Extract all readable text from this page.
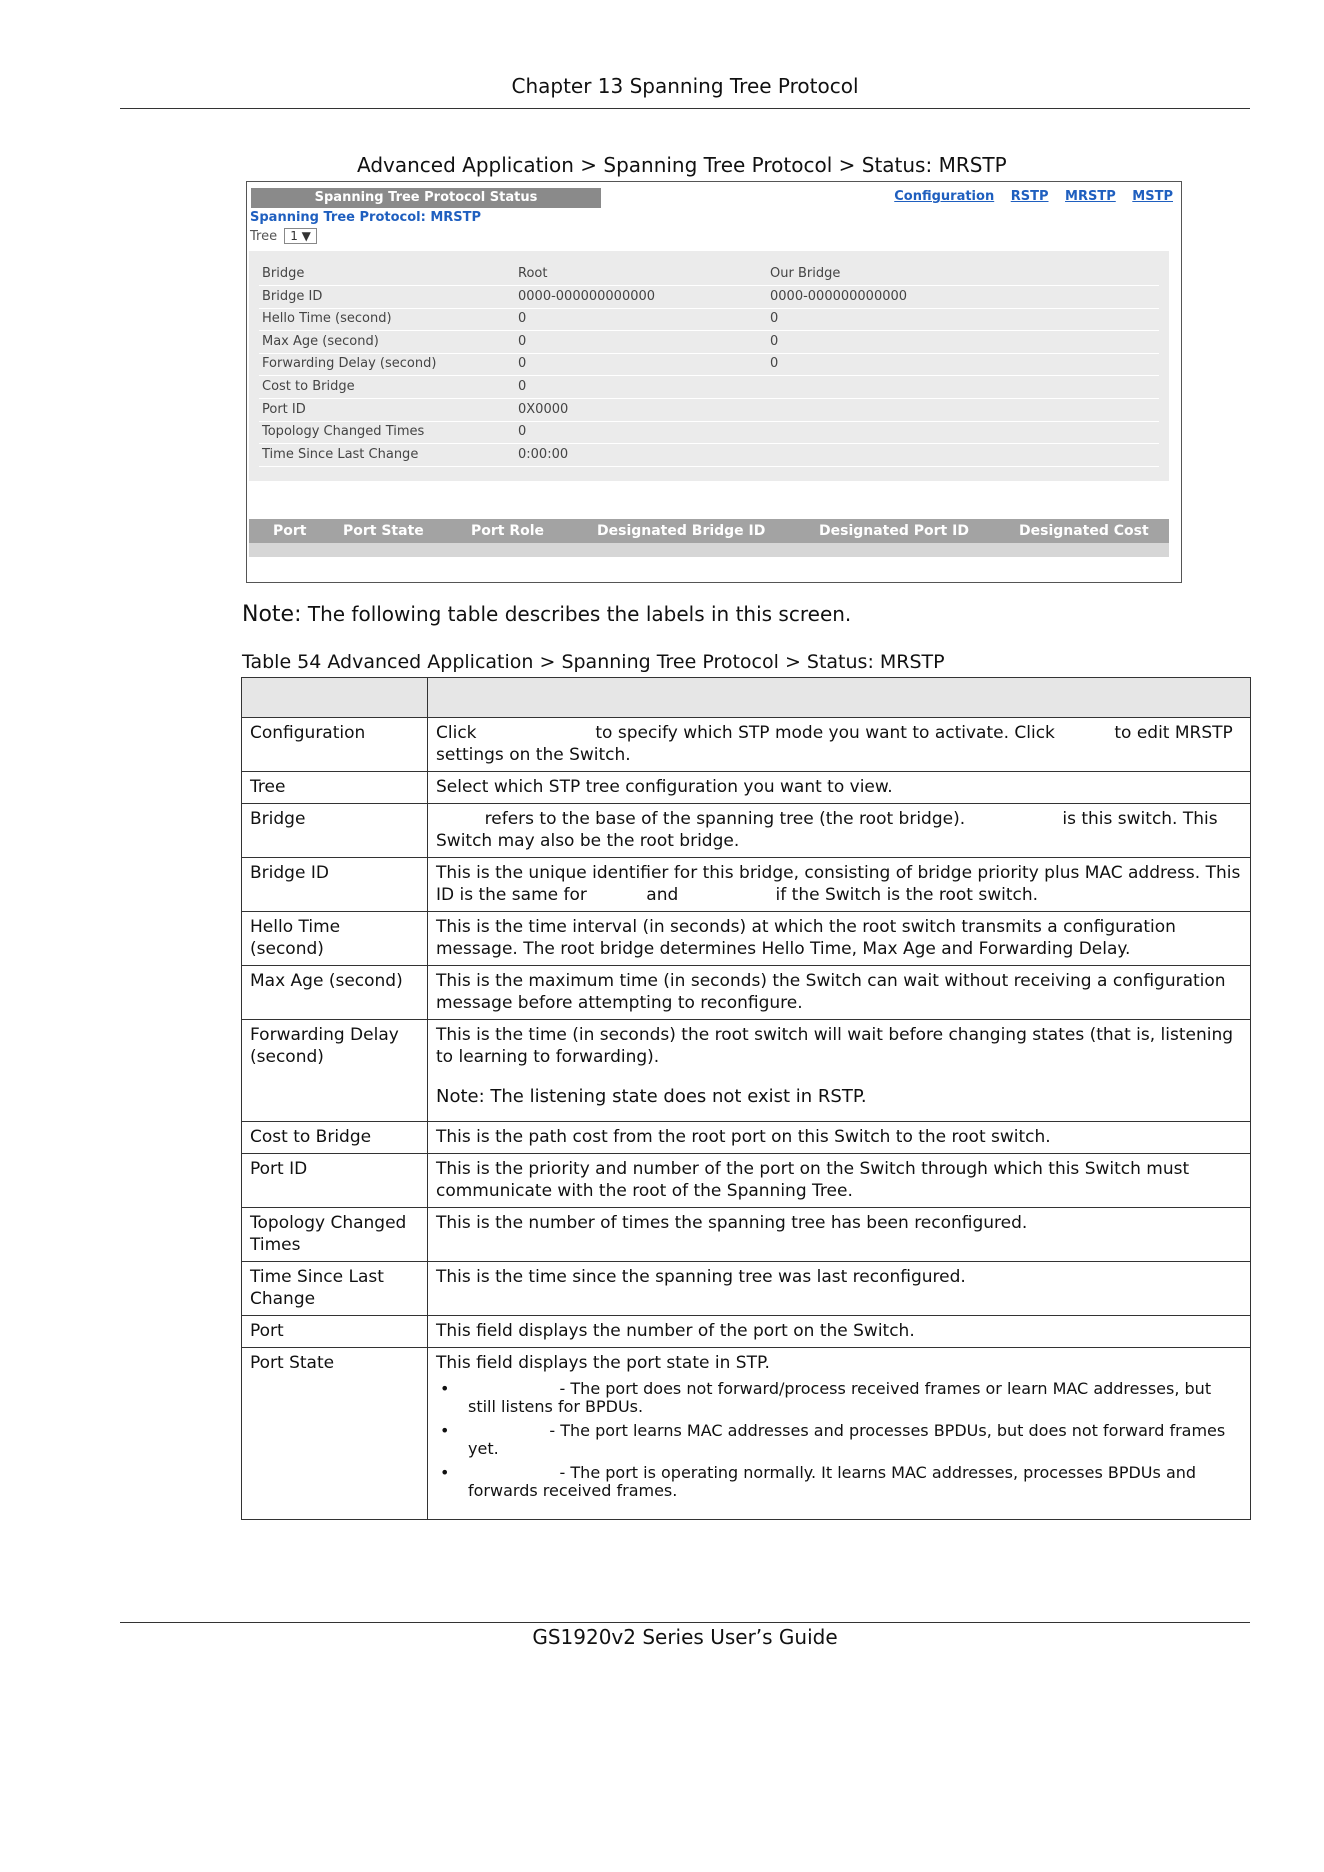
Chapter 13 Spanning Tree Protocol
Advanced Application > Spanning Tree Protocol > Status: MRSTP
Spanning Tree Protocol Status	Configuration RSTP MRSTP MSTP
Spanning Tree Protocol: MRSTP
Tree 1 ▼
Bridge	Root	Our Bridge
Bridge ID	0000-000000000000	0000-000000000000
Hello Time (second)	0	0
Max Age (second)	0	0
Forwarding Delay (second)	0	0
Cost to Bridge	0
Port ID	0X0000
Topology Changed Times	0
Time Since Last Change	0:00:00
Port	Port State	Port Role	Designated Bridge ID	Designated Port ID	Designated Cost
Note: The following table describes the labels in this screen.
Table 54 Advanced Application > Spanning Tree Protocol > Status: MRSTP

Configuration	Click                      to specify which STP mode you want to activate. Click           to edit MRSTP settings on the Switch.

Tree	Select which STP tree configuration you want to view.

Bridge	refers to the base of the spanning tree (the root bridge).                  is this switch. This Switch may also be the root bridge.

Bridge ID	This is the unique identifier for this bridge, consisting of bridge priority plus MAC address. This ID is the same for           and                  if the Switch is the root switch.

Hello Time (second)	This is the time interval (in seconds) at which the root switch transmits a configuration message. The root bridge determines Hello Time, Max Age and Forwarding Delay.

Max Age (second)	This is the maximum time (in seconds) the Switch can wait without receiving a configuration message before attempting to reconfigure.

Forwarding Delay (second)	This is the time (in seconds) the root switch will wait before changing states (that is, listening to learning to forwarding).
Note: The listening state does not exist in RSTP.

Cost to Bridge	This is the path cost from the root port on this Switch to the root switch.

Port ID	This is the priority and number of the port on the Switch through which this Switch must communicate with the root of the Spanning Tree.

Topology Changed Times	This is the number of times the spanning tree has been reconfigured.

Time Since Last Change	This is the time since the spanning tree was last reconfigured.

Port	This field displays the number of the port on the Switch.

Port State	This field displays the port state in STP.
•                   - The port does not forward/process received frames or learn MAC addresses, but still listens for BPDUs.
•                 - The port learns MAC addresses and processes BPDUs, but does not forward frames yet.
•                   - The port is operating normally. It learns MAC addresses, processes BPDUs and forwards received frames.
GS1920v2 Series User’s Guide
